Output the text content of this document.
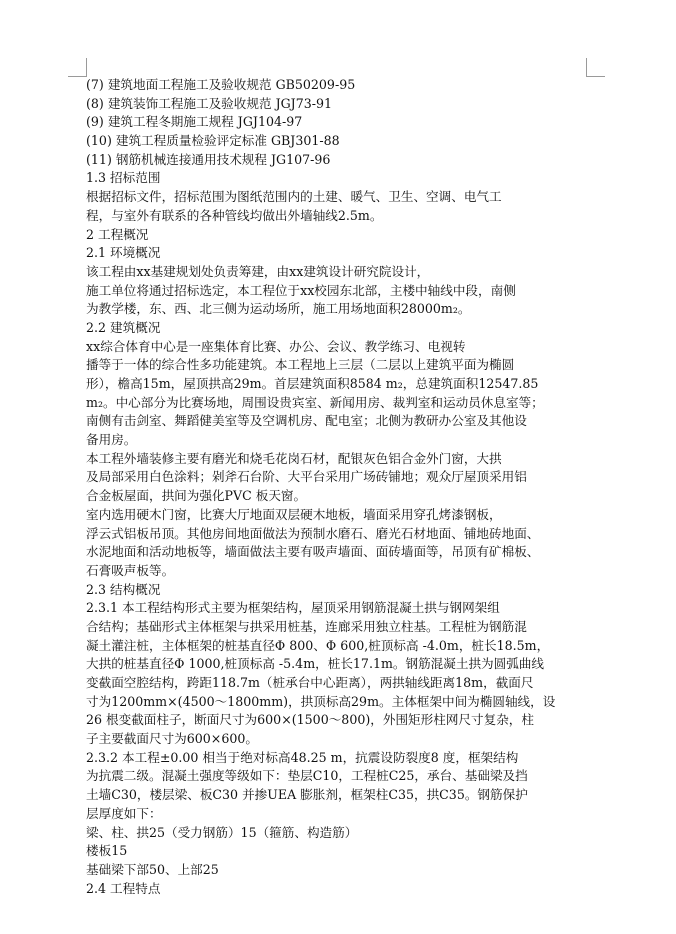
(7) 建筑地面工程施工及验收规范 GB50209-95
(8) 建筑装饰工程施工及验收规范 JGJ73-91
(9) 建筑工程冬期施工规程 JGJ104-97
(10) 建筑工程质量检验评定标准 GBJ301-88
(11) 钢筋机械连接通用技术规程 JG107-96
1.3 招标范围
根据招标文件，招标范围为图纸范围内的土建、暖气、卫生、空调、电气工
程，与室外有联系的各种管线均做出外墙轴线2.5m。
2 工程概况
2.1 环境概况
该工程由xx基建规划处负责筹建，由xx建筑设计研究院设计，
施工单位将通过招标选定，本工程位于xx校园东北部，主楼中轴线中段，南侧
为教学楼，东、西、北三侧为运动场所，施工用场地面积28000m₂。
2.2 建筑概况
xx综合体育中心是一座集体育比赛、办公、会议、教学练习、电视转
播等于一体的综合性多功能建筑。本工程地上三层（二层以上建筑平面为椭圆
形），檐高15m，屋顶拱高29m。首层建筑面积8584 m₂，总建筑面积12547.85
m₂。中心部分为比赛场地，周围设贵宾室、新闻用房、裁判室和运动员休息室等；
南侧有击剑室、舞蹈健美室等及空调机房、配电室；北侧为教研办公室及其他设
备用房。
本工程外墙装修主要有磨光和烧毛花岗石材，配银灰色铝合金外门窗，大拱
及局部采用白色涂料；剁斧石台阶、大平台采用广场砖铺地；观众厅屋顶采用铝
合金板屋面，拱间为强化PVC 板天窗。
室内选用硬木门窗，比赛大厅地面双层硬木地板，墙面采用穿孔烤漆钢板，
浮云式铝板吊顶。其他房间地面做法为预制水磨石、磨光石材地面、铺地砖地面、
水泥地面和活动地板等，墙面做法主要有吸声墙面、面砖墙面等，吊顶有矿棉板、
石膏吸声板等。
2.3 结构概况
2.3.1 本工程结构形式主要为框架结构，屋顶采用钢筋混凝土拱与钢网架组
合结构；基础形式主体框架与拱采用桩基，连廊采用独立柱基。工程桩为钢筋混
凝土灌注桩，主体框架的桩基直径Φ 800、Φ 600,桩顶标高 -4.0m，桩长18.5m，
大拱的桩基直径Φ 1000,桩顶标高 -5.4m，桩长17.1m。钢筋混凝土拱为圆弧曲线
变截面空腔结构，跨距118.7m（桩承台中心距离），两拱轴线距离18m，截面尺
寸为1200mm×(4500～1800mm)，拱顶标高29m。主体框架中间为椭圆轴线，设
26 根变截面柱子，断面尺寸为600×(1500～800)，外围矩形柱网尺寸复杂，柱
子主要截面尺寸为600×600。
2.3.2 本工程±0.00 相当于绝对标高48.25 m，抗震设防裂度8 度，框架结构
为抗震二级。混凝土强度等级如下：垫层C10，工程桩C25，承台、基础梁及挡
土墙C30，楼层梁、板C30 并掺UEA 膨胀剂，框架柱C35，拱C35。钢筋保护
层厚度如下：
梁、柱、拱25（受力钢筋）15（箍筋、构造筋）
楼板15
基础梁下部50、上部25
2.4 工程特点
